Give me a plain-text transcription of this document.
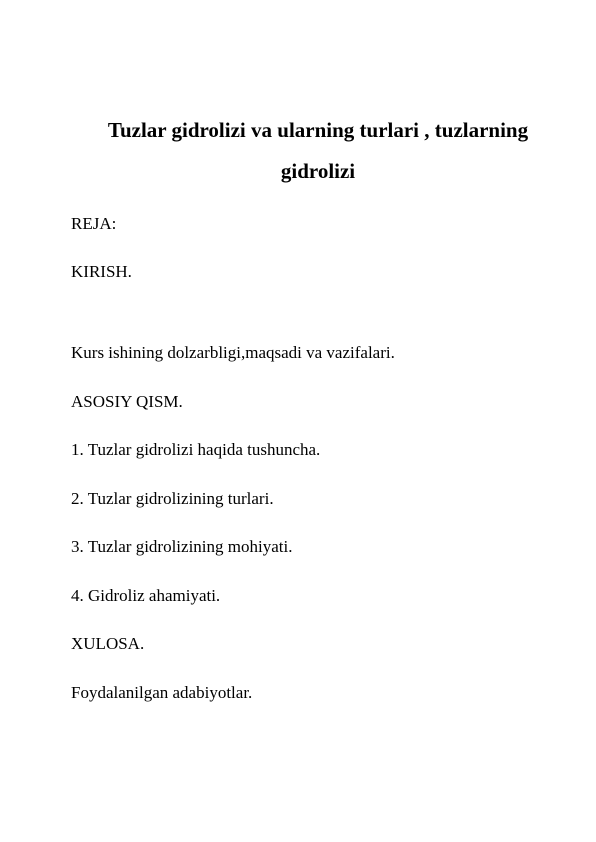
Tuzlar gidrolizi va ularning turlari , tuzlarning
gidrolizi

REJA:

KIRISH.

Kurs ishining dolzarbligi,maqsadi va vazifalari.

ASOSIY QISM.

1. Tuzlar gidrolizi haqida tushuncha.

2. Tuzlar gidrolizining turlari.

3. Tuzlar gidrolizining mohiyati.

4. Gidroliz ahamiyati.

XULOSA.

Foydalanilgan adabiyotlar.
